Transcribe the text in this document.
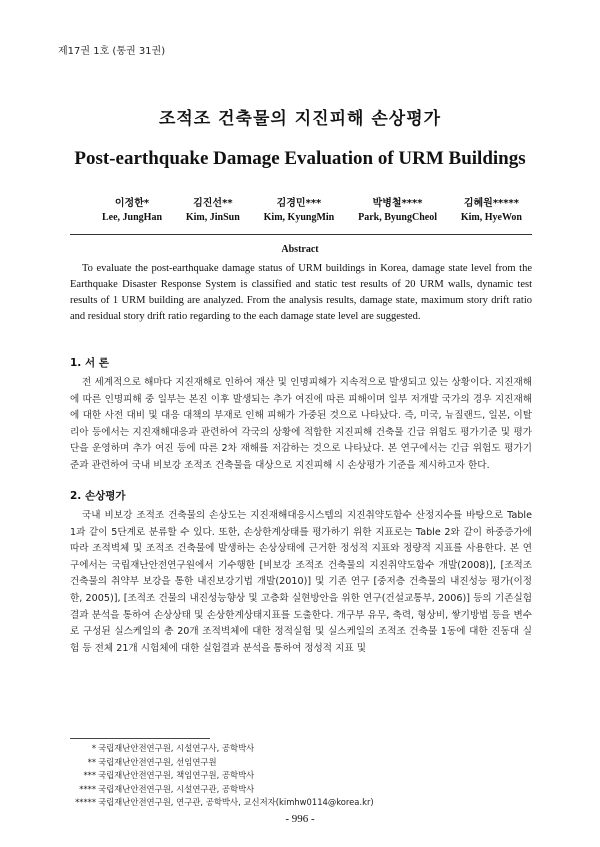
제17권 1호 (통권 31권)
조적조 건축물의 지진피해 손상평가
Post-earthquake Damage Evaluation of URM Buildings
이정한*
Lee, JungHan
김진선**
Kim, JinSun
김경민***
Kim, KyungMin
박병철****
Park, ByungCheol
김혜원*****
Kim, HyeWon
Abstract
To evaluate the post-earthquake damage status of URM buildings in Korea, damage state level from the Earthquake Disaster Response System is classified and static test results of 20 URM walls, dynamic test results of 1 URM building are analyzed. From the analysis results, damage state, maximum story drift ratio and residual story drift ratio regarding to the each damage state level are suggested.
1. 서 론
전 세계적으로 해마다 지진재해로 인하여 재산 및 인명피해가 지속적으로 발생되고 있는 상황이다. 지진재해에 따른 인명피해 중 일부는 본진 이후 발생되는 추가 여진에 따른 피해이며 일부 저개발 국가의 경우 지진재해에 대한 사전 대비 및 대응 대책의 부재로 인해 피해가 가중된 것으로 나타났다. 즉, 미국, 뉴질랜드, 일본, 이탈리아 등에서는 지진재해대응과 관련하여 각국의 상황에 적합한 지진피해 건축물 긴급 위험도 평가기준 및 평가단을 운영하며 추가 여진 등에 따른 2차 재해를 저감하는 것으로 나타났다. 본 연구에서는 긴급 위험도 평가기준과 관련하여 국내 비보강 조적조 건축물을 대상으로 지진피해 시 손상평가 기준을 제시하고자 한다.
2. 손상평가
국내 비보강 조적조 건축물의 손상도는 지진재해대응시스템의 지진취약도함수 산정지수를 바탕으로 Table 1과 같이 5단계로 분류할 수 있다. 또한, 손상한계상태를 평가하기 위한 지표로는 Table 2와 같이 하중증가에 따라 조적벽체 및 조적조 건축물에 발생하는 손상상태에 근거한 정성적 지표와 정량적 지표를 사용한다. 본 연구에서는 국립재난안전연구원에서 기수행한 [비보강 조적조 건축물의 지진취약도함수 개발(2008)], [조적조 건축물의 취약부 보강을 통한 내진보강기법 개발(2010)] 및 기존 연구 [중저층 건축물의 내진성능 평가(이정한, 2005)], [조적조 건물의 내진성능향상 및 고층화 실현방안을 위한 연구(건설교통부, 2006)] 등의 기존실험결과 분석을 통하여 손상상태 및 손상한계상태지표를 도출한다. 개구부 유무, 축력, 형상비, 쌓기방법 등을 변수로 구성된 실스케일의 총 20개 조적벽체에 대한 정적실험 및 실스케일의 조적조 건축물 1동에 대한 진동대 실험 등 전체 21개 시험체에 대한 실험결과 분석을 통하여 정성적 지표 및
* 국립재난안전연구원, 시설연구사, 공학박사
** 국립재난안전연구원, 선임연구원
*** 국립재난안전연구원, 책임연구원, 공학박사
**** 국립재난안전연구원, 시설연구관, 공학박사
***** 국립재난안전연구원, 연구관, 공학박사, 교신저자(kimhw0114@korea.kr)
- 996 -
